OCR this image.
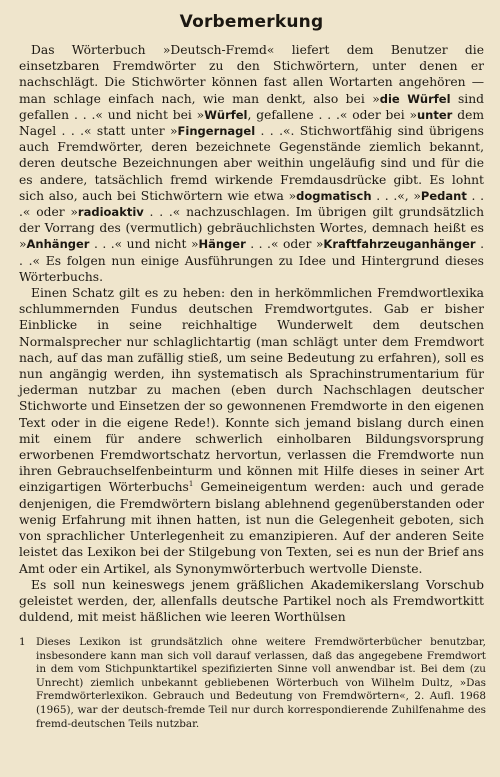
Vorbemerkung

Das Wörterbuch »Deutsch-Fremd« liefert dem Benutzer die einsetzbaren Fremdwörter zu den Stichwörtern, unter denen er nachschlägt. Die Stichwörter können fast allen Wortarten angehören — man schlage einfach nach, wie man denkt, also bei »die Würfel sind gefallen . . .« und nicht bei »Würfel, gefallene . . .« oder bei »unter dem Nagel . . .« statt unter »Fingernagel . . .«. Stichwortfähig sind übrigens auch Fremdwörter, deren bezeichnete Gegenstände ziemlich bekannt, deren deutsche Bezeichnungen aber weithin ungeläufig sind und für die es andere, tatsächlich fremd wirkende Fremdausdrücke gibt. Es lohnt sich also, auch bei Stichwörtern wie etwa »dogmatisch . . .«, »Pedant . . .« oder »radioaktiv . . .« nachzuschlagen. Im übrigen gilt grundsätzlich der Vorrang des (vermutlich) gebräuchlichsten Wortes, demnach heißt es »Anhänger . . .« und nicht »Hänger . . .« oder »Kraftfahrzeuganhänger . . .« Es folgen nun einige Ausführungen zu Idee und Hintergrund dieses Wörterbuchs.

Einen Schatz gilt es zu heben: den in herkömmlichen Fremdwortlexika schlummernden Fundus deutschen Fremdwortgutes. Gab er bisher Einblicke in seine reichhaltige Wunderwelt dem deutschen Normalsprecher nur schlaglichtartig (man schlägt unter dem Fremdwort nach, auf das man zufällig stieß, um seine Bedeutung zu erfahren), soll es nun angängig werden, ihn systematisch als Sprachinstrumentarium für jederman nutzbar zu machen (eben durch Nachschlagen deutscher Stichworte und Einsetzen der so gewonnenen Fremdworte in den eigenen Text oder in die eigene Rede!). Konnte sich jemand bislang durch einen mit einem für andere schwerlich einholbaren Bildungsvorsprung erworbenen Fremdwortschatz hervortun, verlassen die Fremdworte nun ihren Gebrauchselfenbeinturm und können mit Hilfe dieses in seiner Art einzigartigen Wörterbuchs$^1$ Gemeineigentum werden: auch und gerade denjenigen, die Fremdwörtern bislang ablehnend gegenüberstanden oder wenig Erfahrung mit ihnen hatten, ist nun die Gelegenheit geboten, sich von sprachlicher Unterlegenheit zu emanzipieren. Auf der anderen Seite leistet das Lexikon bei der Stilgebung von Texten, sei es nun der Brief ans Amt oder ein Artikel, als Synonymwörterbuch wertvolle Dienste.

Es soll nun keineswegs jenem gräßlichen Akademikerslang Vorschub geleistet werden, der, allenfalls deutsche Partikel noch als Fremdwortkitt duldend, mit meist häßlichen wie leeren Worthülsen

1 Dieses Lexikon ist grundsätzlich ohne weitere Fremdwörterbücher benutzbar, insbesondere kann man sich voll darauf verlassen, daß das angegebene Fremdwort in dem vom Stichpunktartikel spezifizierten Sinne voll anwendbar ist. Bei dem (zu Unrecht) ziemlich unbekannt gebliebenen Wörterbuch von Wilhelm Dultz, »Das Fremdwörterlexikon. Gebrauch und Bedeutung von Fremdwörtern«, 2. Aufl. 1968 (1965), war der deutsch-fremde Teil nur durch korrespondierende Zuhilfenahme des fremd-deutschen Teils nutzbar.
